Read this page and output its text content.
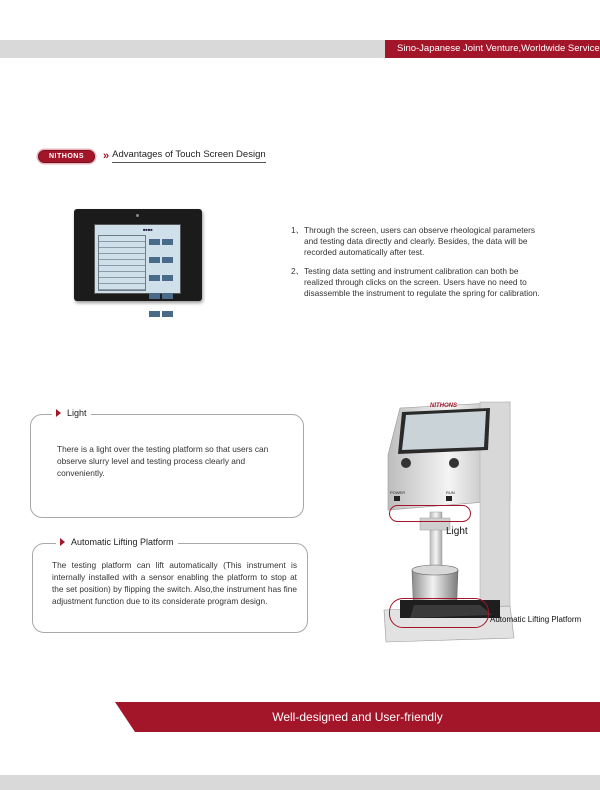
Sino-Japanese Joint Venture,Worldwide Service
NITHONS	» Advantages of Touch Screen Design
■■■■
	1、 Through the screen, users can observe rheological parameters and testing data directly and clearly. Besides, the data will be recorded automatically after test.
2、 Testing data setting and instrument calibration can both be realized through clicks on the screen. Users have no need to disassemble the instrument to regulate the spring for calibration.
Light
There is a light over the testing platform so that users can observe slurry level and testing process clearly and conveniently.
Automatic Lifting Platform
The testing platform can lift automatically (This instrument is internally installed with a sensor enabling the platform to stop at the set position) by flipping the switch. Also,the instrument has fine adjustment function due to its considerate program design.
NITHONS
POWER	RUN
Light
Automatic Lifting Platform
Well-designed and User-friendly
